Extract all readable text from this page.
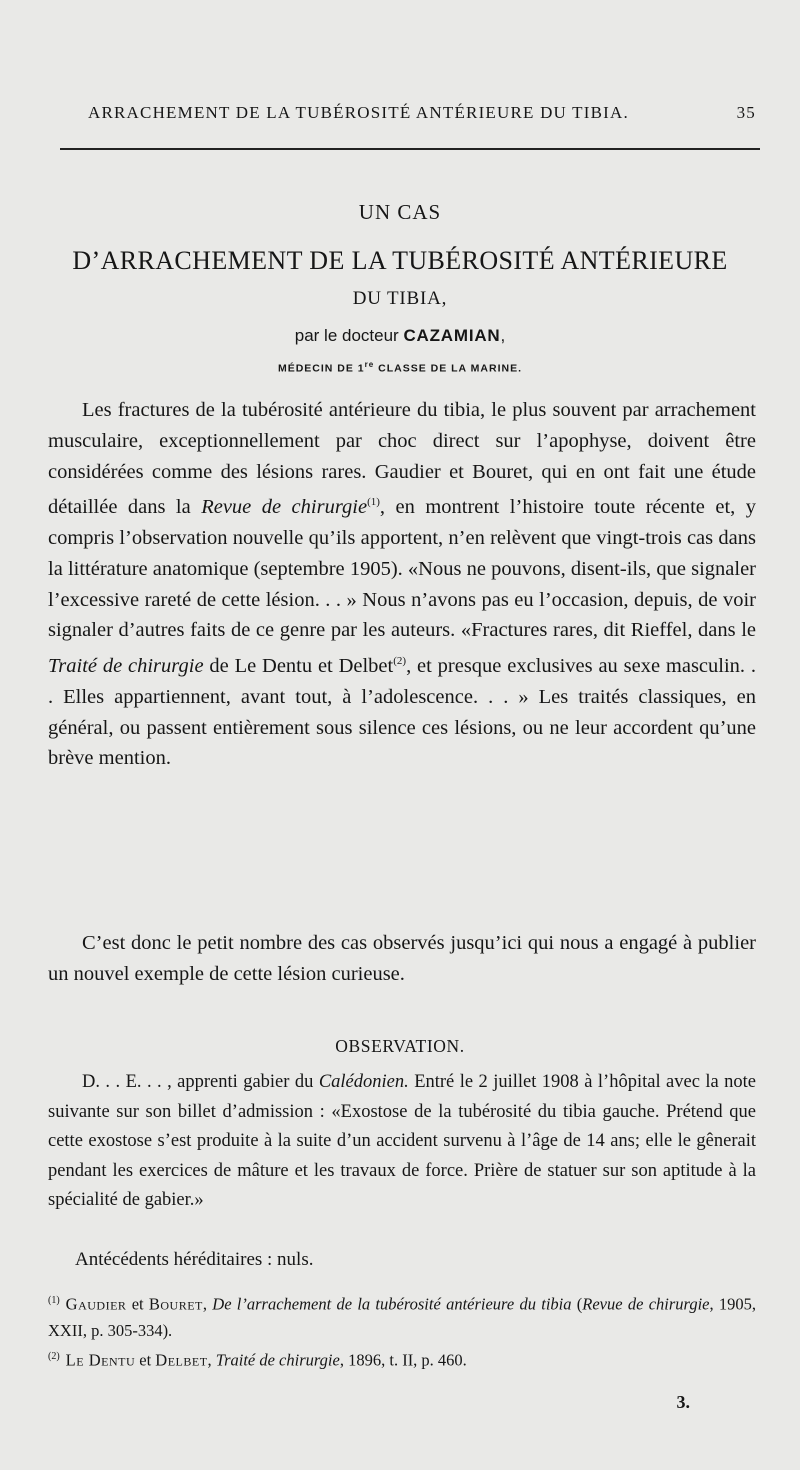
ARRACHEMENT DE LA TUBÉROSITÉ ANTÉRIEURE DU TIBIA.	35
UN CAS
D’ARRACHEMENT DE LA TUBÉROSITÉ ANTÉRIEURE
DU TIBIA,
par le docteur CAZAMIAN,
MÉDECIN DE 1re CLASSE DE LA MARINE.
Les fractures de la tubérosité antérieure du tibia, le plus souvent par arrachement musculaire, exceptionnellement par choc direct sur l’apophyse, doivent être considérées comme des lésions rares. Gaudier et Bouret, qui en ont fait une étude détaillée dans la Revue de chirurgie$^{(1)}$, en montrent l’histoire toute récente et, y compris l’observation nouvelle qu’ils apportent, n’en relèvent que vingt-trois cas dans la littérature anatomique (septembre 1905). «Nous ne pouvons, disent-ils, que signaler l’excessive rareté de cette lésion. . . » Nous n’avons pas eu l’occasion, depuis, de voir signaler d’autres faits de ce genre par les auteurs. «Fractures rares, dit Rieffel, dans le Traité de chirurgie de Le Dentu et Delbet$^{(2)}$, et presque exclusives au sexe masculin. . . Elles appartiennent, avant tout, à l’adolescence. . . » Les traités classiques, en général, ou passent entièrement sous silence ces lésions, ou ne leur accordent qu’une brève mention.
C’est donc le petit nombre des cas observés jusqu’ici qui nous a engagé à publier un nouvel exemple de cette lésion curieuse.
OBSERVATION.
D. . . E. . . , apprenti gabier du Calédonien. Entré le 2 juillet 1908 à l’hôpital avec la note suivante sur son billet d’admission : «Exostose de la tubérosité du tibia gauche. Prétend que cette exostose s’est produite à la suite d’un accident survenu à l’âge de 14 ans; elle le gênerait pendant les exercices de mâture et les travaux de force. Prière de statuer sur son aptitude à la spécialité de gabier.»
Antécédents héréditaires : nuls.
$^{(1)}$ Gaudier et Bouret, De l’arrachement de la tubérosité antérieure du tibia (Revue de chirurgie, 1905, XXII, p. 305-334).
$^{(2)}$ Le Dentu et Delbet, Traité de chirurgie, 1896, t. II, p. 460.
3.
